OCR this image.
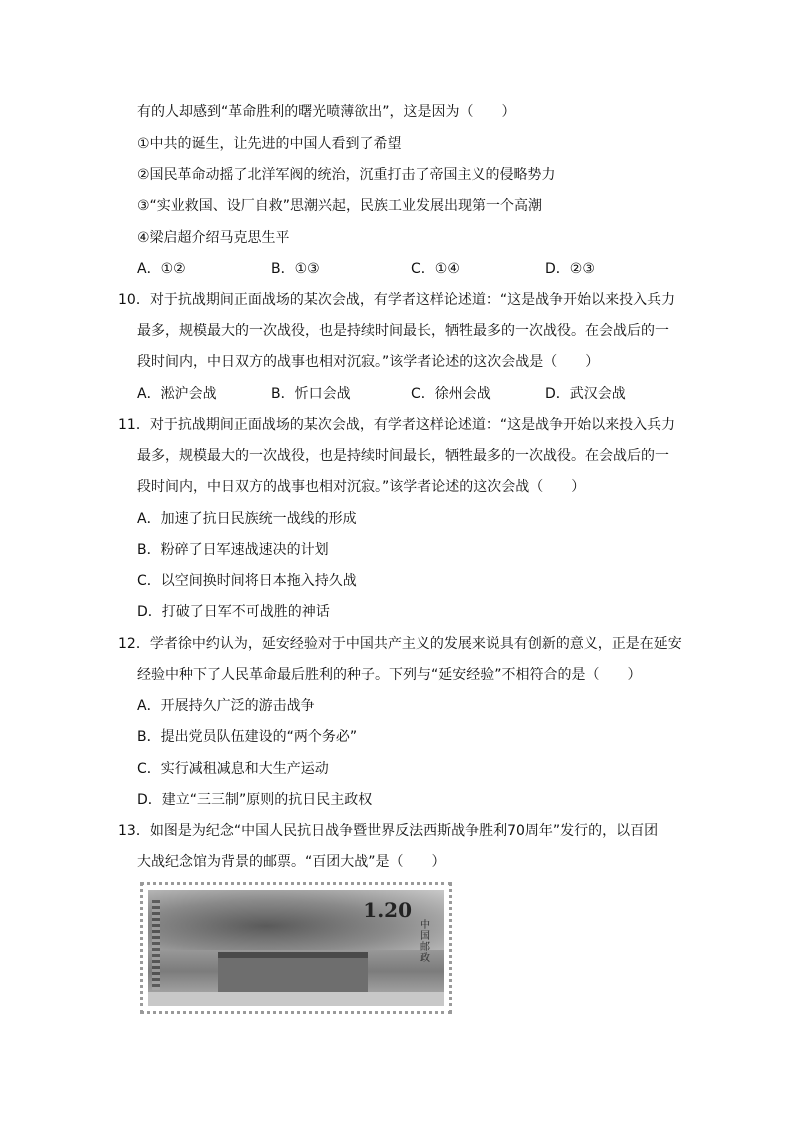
有的人却感到“革命胜利的曙光喷薄欲出”，这是因为（　　）
①中共的诞生，让先进的中国人看到了希望
②国民革命动摇了北洋军阀的统治，沉重打击了帝国主义的侵略势力
③“实业救国、设厂自救”思潮兴起，民族工业发展出现第一个高潮
④梁启超介绍马克思生平
A．①②	B．①③	C．①④	D．②③
10．对于抗战期间正面战场的某次会战，有学者这样论述道：“这是战争开始以来投入兵力
最多，规模最大的一次战役，也是持续时间最长，牺牲最多的一次战役。在会战后的一
段时间内，中日双方的战事也相对沉寂。”该学者论述的这次会战是（　　）
A．淞沪会战	B．忻口会战	C．徐州会战	D．武汉会战
11．对于抗战期间正面战场的某次会战，有学者这样论述道：“这是战争开始以来投入兵力
最多，规模最大的一次战役，也是持续时间最长，牺牲最多的一次战役。在会战后的一
段时间内，中日双方的战事也相对沉寂。”该学者论述的这次会战（　　）
A．加速了抗日民族统一战线的形成
B．粉碎了日军速战速决的计划
C．以空间换时间将日本拖入持久战
D．打破了日军不可战胜的神话
12．学者徐中约认为，延安经验对于中国共产主义的发展来说具有创新的意义，正是在延安
经验中种下了人民革命最后胜利的种子。下列与“延安经验”不相符合的是（　　）
A．开展持久广泛的游击战争
B．提出党员队伍建设的“两个务必”
C．实行减租减息和大生产运动
D．建立“三三制”原则的抗日民主政权
13．如图是为纪念“中国人民抗日战争暨世界反法西斯战争胜利70周年”发行的，以百团
大战纪念馆为背景的邮票。“百团大战”是（　　）
1.20
中国邮政
